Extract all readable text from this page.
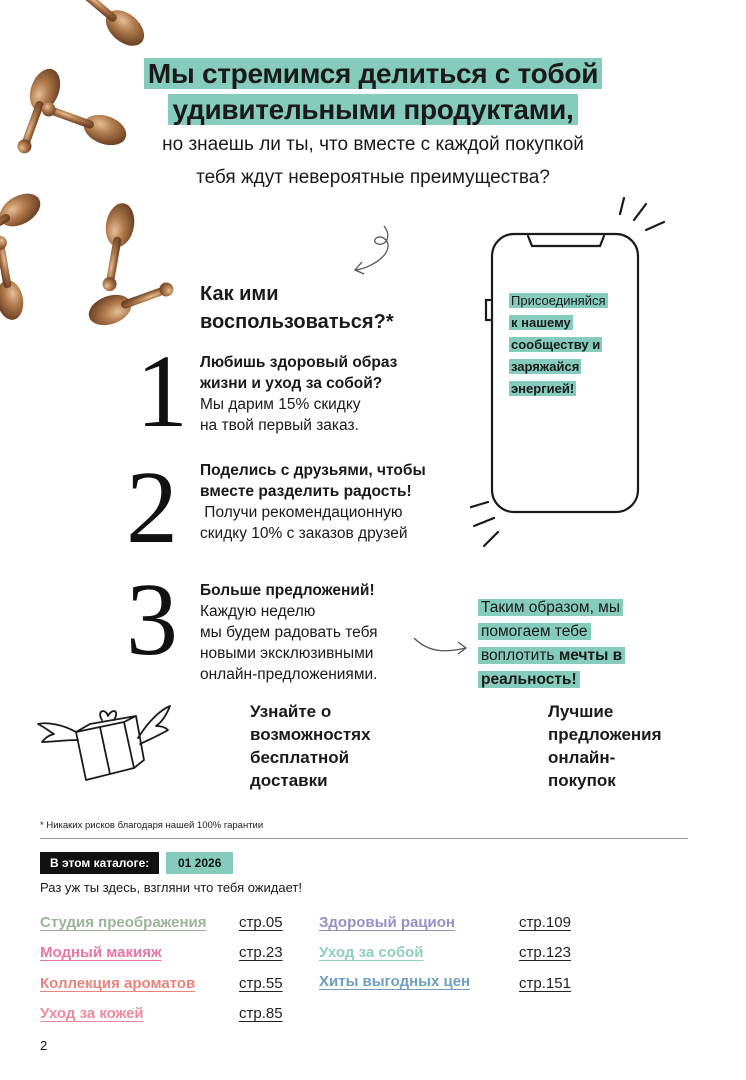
Мы стремимся делиться с тобой
удивительными продуктами,
но знаешь ли ты, что вместе с каждой покупкой
тебя ждут невероятные преимущества?
Как ими воспользоваться?*
1 Любишь здоровый образ
жизни и уход за собой?
Мы дарим 15% скидку
на твой первый заказ.
2 Поделись с друзьями, чтобы
вместе разделить радость!
Получи рекомендационную
скидку 10% с заказов друзей
3 Больше предложений!
Каждую неделю
мы будем радовать тебя
новыми эксклюзивными
онлайн-предложениями.
Присоединяйся
к нашему
сообществу и
заряжайся
энергией!
Таким образом, мы
помогаем тебе
воплотить мечты в
реальность!
Узнайте о
возможностях
бесплатной
доставки
Лучшие
предложения
онлайн-
покупок
* Никаких рисков благодаря нашей 100% гарантии
В этом каталоге:	01 2026
Раз уж ты здесь, взгляни что тебя ожидает!
Студия преображения стр.05
Модный макияж	стр.23
Коллекция ароматов	стр.55
Уход за кожей	стр.85
Здоровый рацион	стр.109
Уход за собой	стр.123
Хиты выгодных цен	стр.151
2
